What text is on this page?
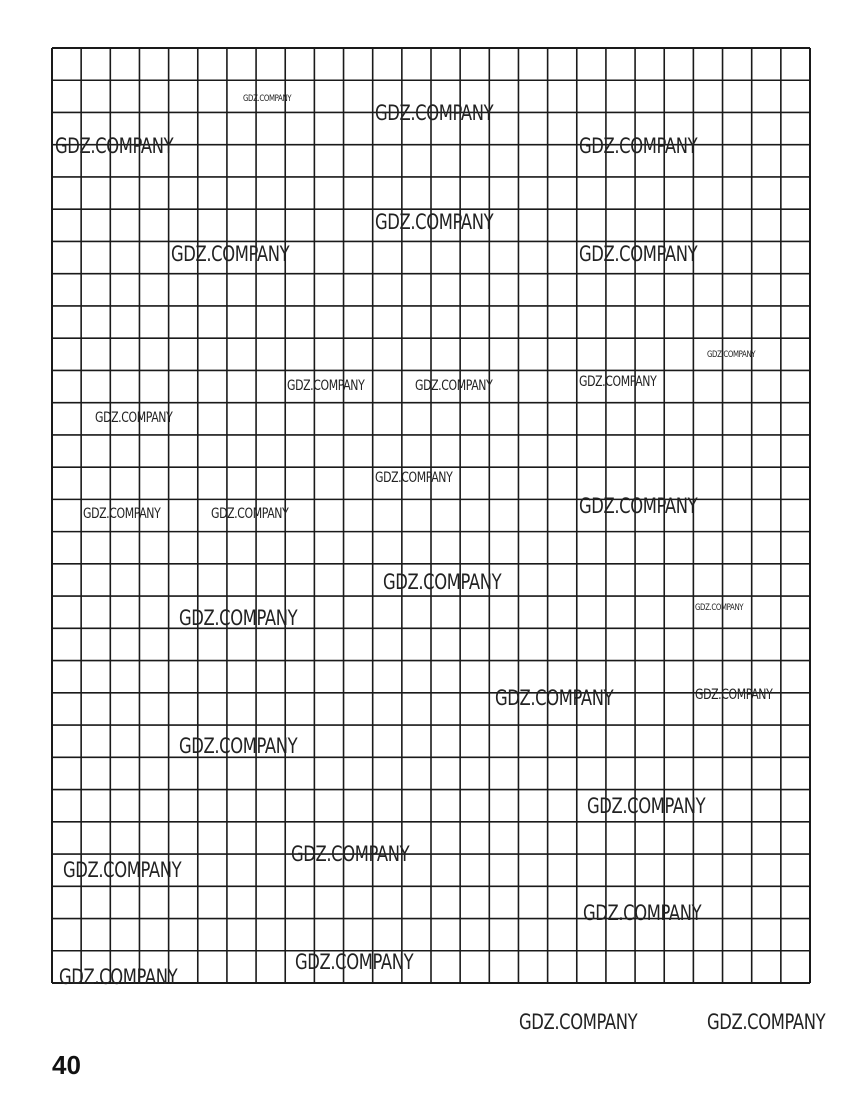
GDZ.COMPANY
GDZ.COMPANY
GDZ.COMPANY	GDZ.COMPANY
GDZ.COMPANY
GDZ.COMPANY	GDZ.COMPANY
GDZ.COMPANY
GDZ.COMPANY	GDZ.COMPANY	GDZ.COMPANY
GDZ.COMPANY
GDZ.COMPANY
GDZ.COMPANY
GDZ.COMPANY	GDZ.COMPANY
GDZ.COMPANY
GDZ.COMPANY
GDZ.COMPANY
GDZ.COMPANY	GDZ.COMPANY
GDZ.COMPANY
GDZ.COMPANY
GDZ.COMPANY
GDZ.COMPANY
GDZ.COMPANY
GDZ.COMPANY
GDZ.COMPANY
GDZ.COMPANY	GDZ.COMPANY
40
